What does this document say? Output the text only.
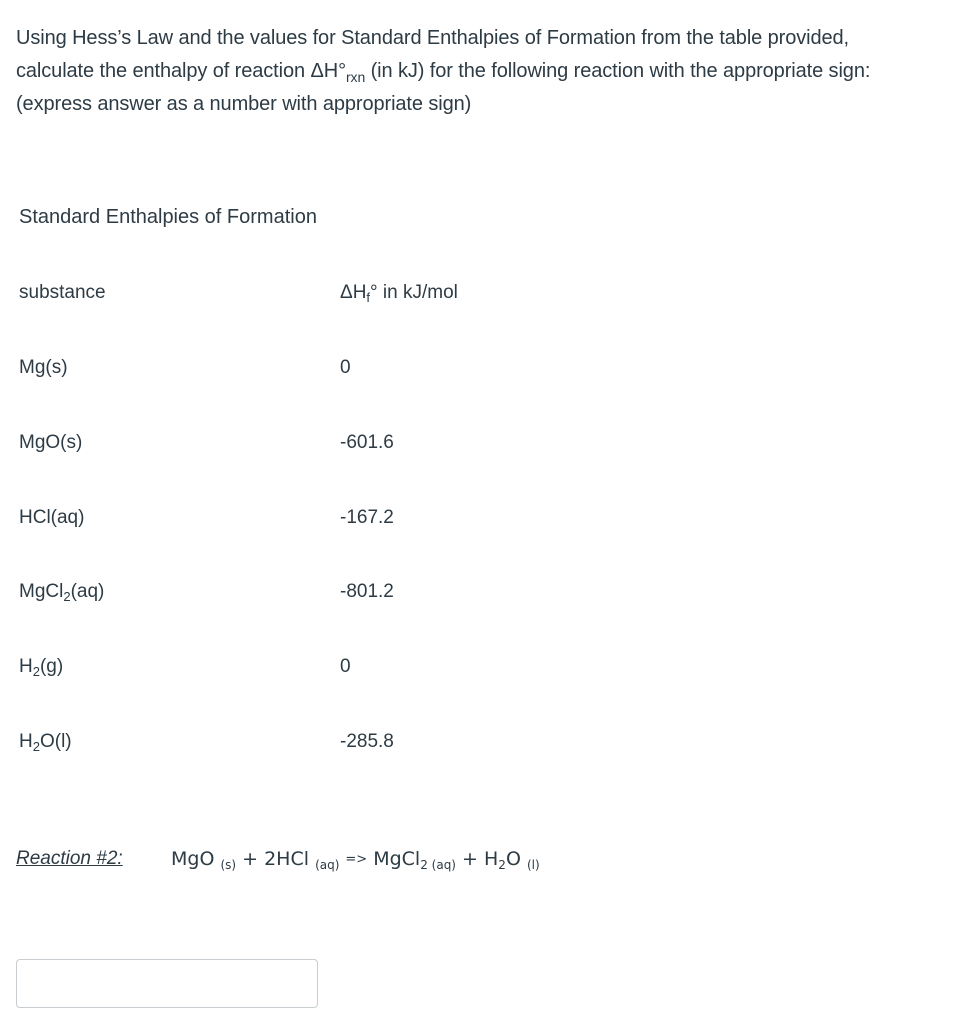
Using Hess’s Law and the values for Standard Enthalpies of Formation from the table provided,
calculate the enthalpy of reaction $\Delta H^\circ_{rxn}$ (in kJ) for the following reaction with the appropriate sign:
(express answer as a number with appropriate sign)
Standard Enthalpies of Formation
substance	$\Delta H_f^\circ$ in kJ/mol
Mg(s)	0
MgO(s)	-601.6
HCl(aq)	-167.2
MgCl$_2$(aq)	-801.2
$H_2(g)$	0
$H_2O(l)$	-285.8
Reaction #2:	MgO $_{(s)}$ + 2HCl $_{(aq)}$ => MgCl$_2$ $_{(aq)} + H_2O$ $_{(l)}$
